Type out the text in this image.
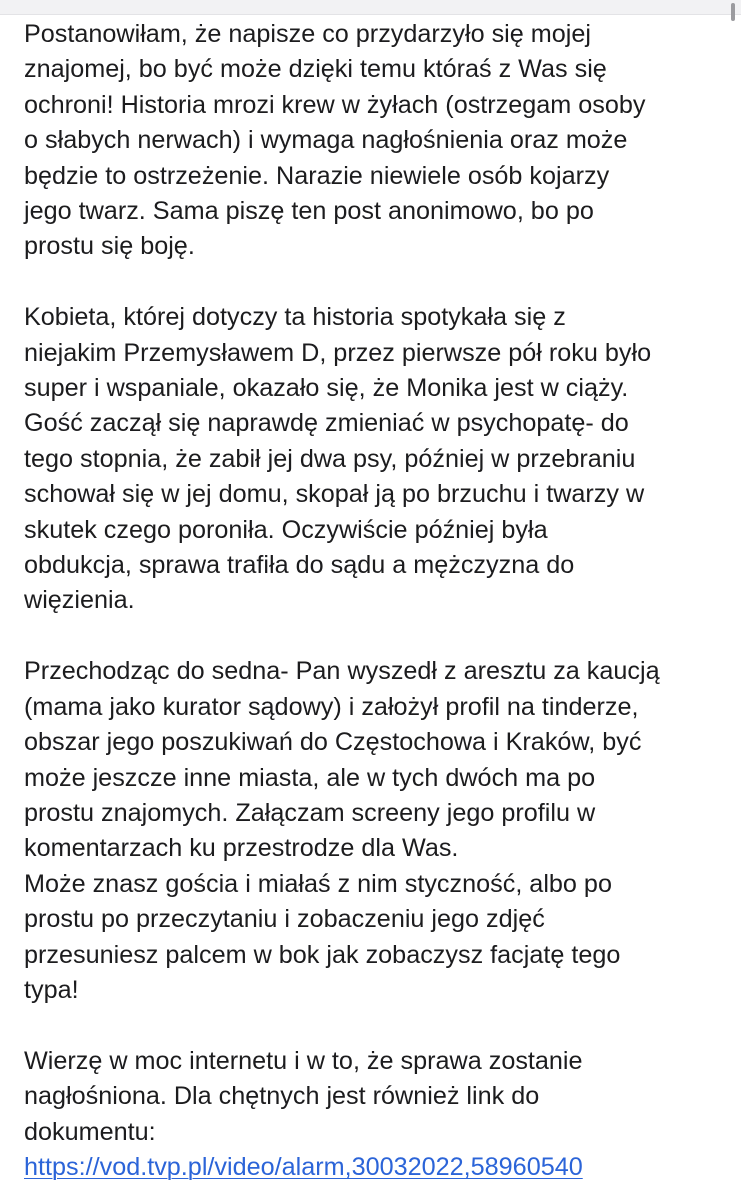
Postanowiłam, że napisze co przydarzyło się mojej
znajomej, bo być może dzięki temu któraś z Was się
ochroni! Historia mrozi krew w żyłach (ostrzegam osoby
o słabych nerwach) i wymaga nagłośnienia oraz może
będzie to ostrzeżenie. Narazie niewiele osób kojarzy
jego twarz. Sama piszę ten post anonimowo, bo po
prostu się boję.

Kobieta, której dotyczy ta historia spotykała się z
niejakim Przemysławem D, przez pierwsze pół roku było
super i wspaniale, okazało się, że Monika jest w ciąży.
Gość zaczął się naprawdę zmieniać w psychopatę- do
tego stopnia, że zabił jej dwa psy, później w przebraniu
schował się w jej domu, skopał ją po brzuchu i twarzy w
skutek czego poroniła. Oczywiście później była
obdukcja, sprawa trafiła do sądu a mężczyzna do
więzienia.

Przechodząc do sedna- Pan wyszedł z aresztu za kaucją
(mama jako kurator sądowy) i założył profil na tinderze,
obszar jego poszukiwań do Częstochowa i Kraków, być
może jeszcze inne miasta, ale w tych dwóch ma po
prostu znajomych. Załączam screeny jego profilu w
komentarzach ku przestrodze dla Was.
Może znasz gościa i miałaś z nim styczność, albo po
prostu po przeczytaniu i zobaczeniu jego zdjęć
przesuniesz palcem w bok jak zobaczysz facjatę tego
typa!

Wierzę w moc internetu i w to, że sprawa zostanie
nagłośniona. Dla chętnych jest również link do
dokumentu:

https://vod.tvp.pl/video/alarm,30032022,58960540
